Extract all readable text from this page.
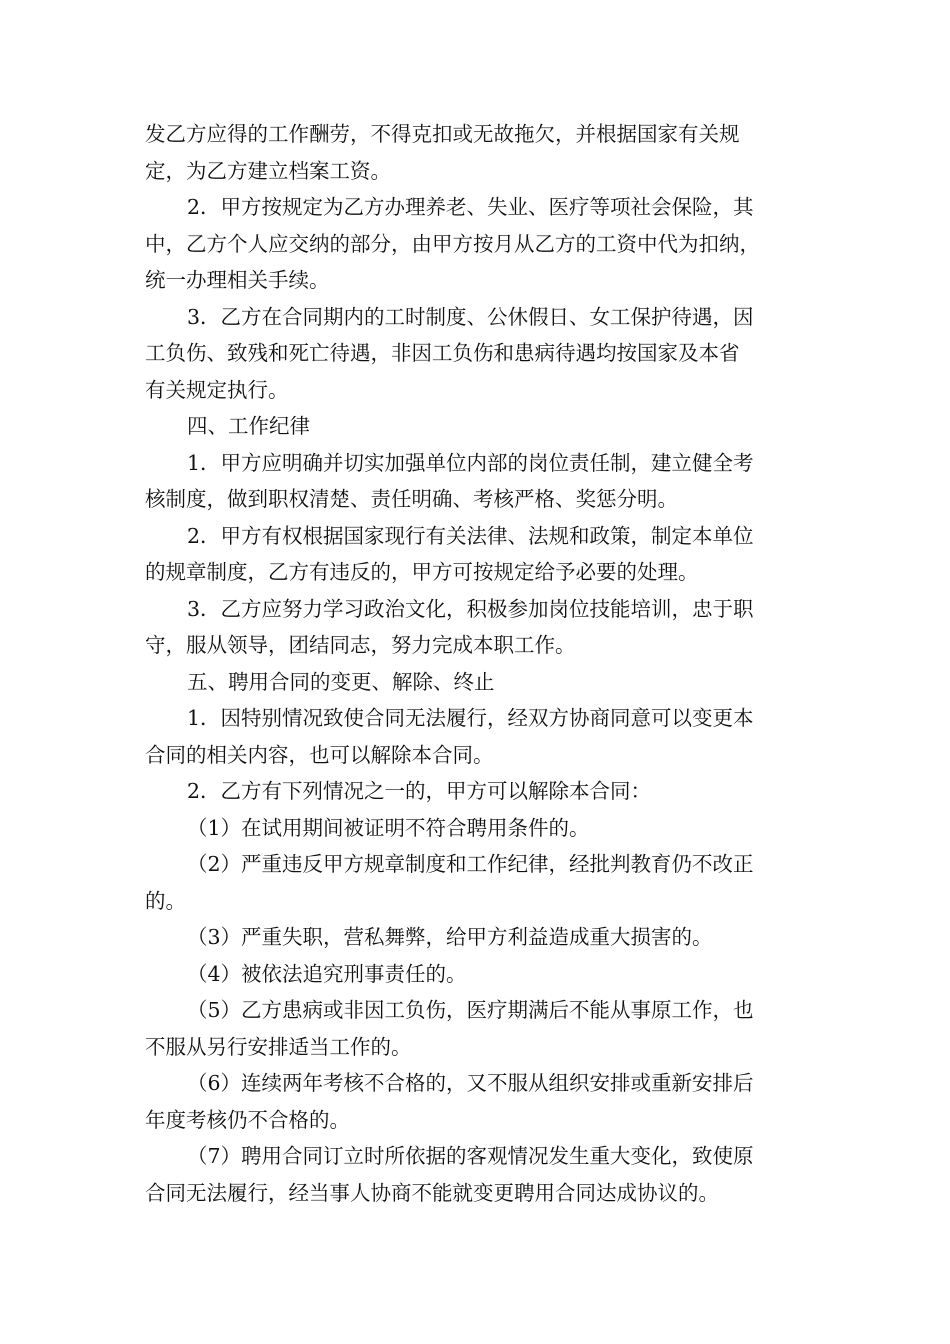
发乙方应得的工作酬劳，不得克扣或无故拖欠，并根据国家有关规
定，为乙方建立档案工资。
2．甲方按规定为乙方办理养老、失业、医疗等项社会保险，其
中，乙方个人应交纳的部分，由甲方按月从乙方的工资中代为扣纳，
统一办理相关手续。
3．乙方在合同期内的工时制度、公休假日、女工保护待遇，因
工负伤、致残和死亡待遇，非因工负伤和患病待遇均按国家及本省
有关规定执行。
四、工作纪律
1．甲方应明确并切实加强单位内部的岗位责任制，建立健全考
核制度，做到职权清楚、责任明确、考核严格、奖惩分明。
2．甲方有权根据国家现行有关法律、法规和政策，制定本单位
的规章制度，乙方有违反的，甲方可按规定给予必要的处理。
3．乙方应努力学习政治文化，积极参加岗位技能培训，忠于职
守，服从领导，团结同志，努力完成本职工作。
五、聘用合同的变更、解除、终止
1．因特别情况致使合同无法履行，经双方协商同意可以变更本
合同的相关内容，也可以解除本合同。
2．乙方有下列情况之一的，甲方可以解除本合同：
（1）在试用期间被证明不符合聘用条件的。
（2）严重违反甲方规章制度和工作纪律，经批判教育仍不改正
的。
（3）严重失职，营私舞弊，给甲方利益造成重大损害的。
（4）被依法追究刑事责任的。
（5）乙方患病或非因工负伤，医疗期满后不能从事原工作，也
不服从另行安排适当工作的。
（6）连续两年考核不合格的，又不服从组织安排或重新安排后
年度考核仍不合格的。
（7）聘用合同订立时所依据的客观情况发生重大变化，致使原
合同无法履行，经当事人协商不能就变更聘用合同达成协议的。
